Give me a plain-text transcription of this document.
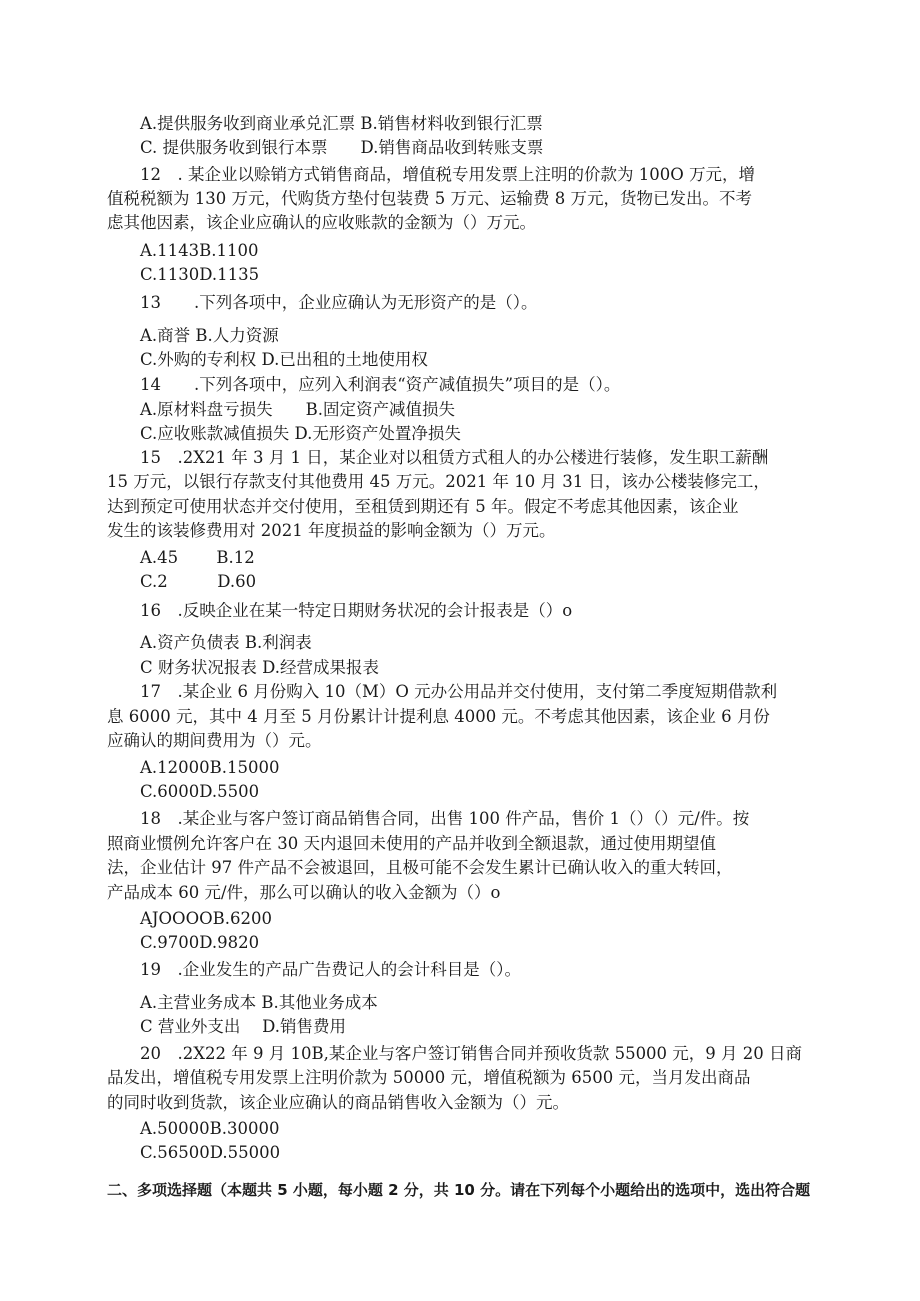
A.提供服务收到商业承兑汇票 B.销售材料收到银行汇票
C. 提供服务收到银行本票　　D.销售商品收到转账支票
12　. 某企业以赊销方式销售商品，增值税专用发票上注明的价款为 100O 万元，增
值税税额为 130 万元，代购货方垫付包装费 5 万元、运输费 8 万元，货物已发出。不考
虑其他因素，该企业应确认的应收账款的金额为（）万元。
A.1143B.1100
C.1130D.1135
13　　.下列各项中，企业应确认为无形资产的是（）。
A.商誉 B.人力资源
C.外购的专利权 D.已出租的土地使用权
14　　.下列各项中，应列入利润表“资产减值损失”项目的是（）。
A.原材料盘亏损失　　B.固定资产减值损失
C.应收账款减值损失 D.无形资产处置净损失
15　.2X21 年 3 月 1 日，某企业对以租赁方式租人的办公楼进行装修，发生职工薪酬
15 万元，以银行存款支付其他费用 45 万元。2021 年 10 月 31 日，该办公楼装修完工，
达到预定可使用状态并交付使用，至租赁到期还有 5 年。假定不考虑其他因素，该企业
发生的该装修费用对 2021 年度损益的影响金额为（）万元。
A.45　　 B.12
C.2　　　D.60
16　.反映企业在某一特定日期财务状况的会计报表是（）o
A.资产负债表 B.利润表
C 财务状况报表 D.经营成果报表
17　.某企业 6 月份购入 10（M）O 元办公用品并交付使用，支付第二季度短期借款利
息 6000 元，其中 4 月至 5 月份累计计提利息 4000 元。不考虑其他因素，该企业 6 月份
应确认的期间费用为（）元。
A.12000B.15000
C.6000D.5500
18　.某企业与客户签订商品销售合同，出售 100 件产品，售价 1（）（）元/件。按
照商业惯例允许客户在 30 天内退回未使用的产品并收到全额退款，通过使用期望值
法，企业估计 97 件产品不会被退回，且极可能不会发生累计已确认收入的重大转回，
产品成本 60 元/件，那么可以确认的收入金额为（）o
AJOOOOB.6200
C.9700D.9820
19　.企业发生的产品广告费记人的会计科目是（）。
A.主营业务成本 B.其他业务成本
C 营业外支出　 D.销售费用
20　.2X22 年 9 月 10B,某企业与客户签订销售合同并预收货款 55000 元，9 月 20 日商
品发出，增值税专用发票上注明价款为 50000 元，增值税额为 6500 元，当月发出商品
的同时收到货款，该企业应确认的商品销售收入金额为（）元。
A.50000B.30000
C.56500D.55000
二、多项选择题（本题共 5 小题，每小题 2 分，共 10 分。请在下列每个小题给出的选项中，选出符合题
